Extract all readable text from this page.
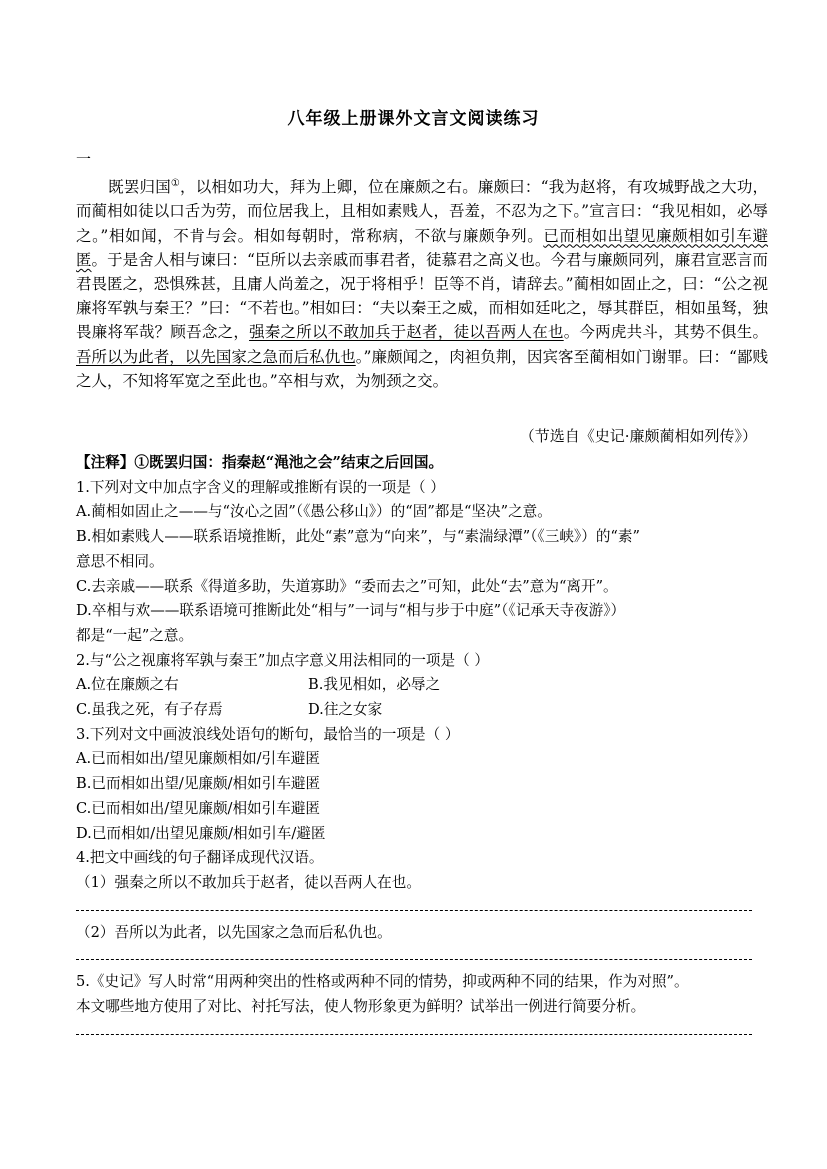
八年级上册课外文言文阅读练习
一
既罢归国①，以相如功大，拜为上卿，位在廉颇之右。廉颇曰：“我为赵将，有攻城野战之大功，而蔺相如徒以口舌为劳，而位居我上，且相如素贱人，吾羞，不忍为之下。”宣言曰：“我见相如，必辱之。”相如闻，不肯与会。相如每朝时，常称病，不欲与廉颇争列。已而相如出望见廉颇相如引车避匿。于是舍人相与谏曰：“臣所以去亲戚而事君者，徒慕君之高义也。今君与廉颇同列，廉君宣恶言而君畏匿之，恐惧殊甚，且庸人尚羞之，况于将相乎！臣等不肖，请辞去。”蔺相如固止之，曰：“公之视廉将军孰与秦王？”曰：“不若也。”相如曰：“夫以秦王之威，而相如廷叱之，辱其群臣，相如虽驽，独畏廉将军哉？顾吾念之，强秦之所以不敢加兵于赵者，徒以吾两人在也。今两虎共斗，其势不俱生。吾所以为此者，以先国家之急而后私仇也。”廉颇闻之，肉袒负荆，因宾客至蔺相如门谢罪。曰：“鄙贱之人，不知将军宽之至此也。”卒相与欢，为刎颈之交。
（节选自《史记·廉颇蔺相如列传》）
【注释】①既罢归国：指秦赵“渑池之会”结束之后回国。
1.下列对文中加点字含义的理解或推断有误的一项是（ ）
A.蔺相如固止之——与“汝心之固”（《愚公移山》）的“固”都是“坚决”之意。
B.相如素贱人——联系语境推断，此处“素”意为“向来”，与“素湍绿潭”（《三峡》）的“素”
意思不相同。
C.去亲戚——联系《得道多助，失道寡助》“委而去之”可知，此处“去”意为“离开”。
D.卒相与欢——联系语境可推断此处“相与”一词与“相与步于中庭”（《记承天寺夜游》）
都是“一起”之意。
2.与“公之视廉将军孰与秦王”加点字意义用法相同的一项是（ ）
A.位在廉颇之右	B.我见相如，必辱之
C.虽我之死，有子存焉	D.往之女家
3.下列对文中画波浪线处语句的断句，最恰当的一项是（ ）
A.已而相如出/望见廉颇相如/引车避匿
B.已而相如出望/见廉颇/相如引车避匿
C.已而相如出/望见廉颇/相如引车避匿
D.已而相如/出望见廉颇/相如引车/避匿
4.把文中画线的句子翻译成现代汉语。
（1）强秦之所以不敢加兵于赵者，徒以吾两人在也。
（2）吾所以为此者，以先国家之急而后私仇也。
5.《史记》写人时常“用两种突出的性格或两种不同的情势，抑或两种不同的结果，作为对照”。
本文哪些地方使用了对比、衬托写法，使人物形象更为鲜明？试举出一例进行简要分析。
